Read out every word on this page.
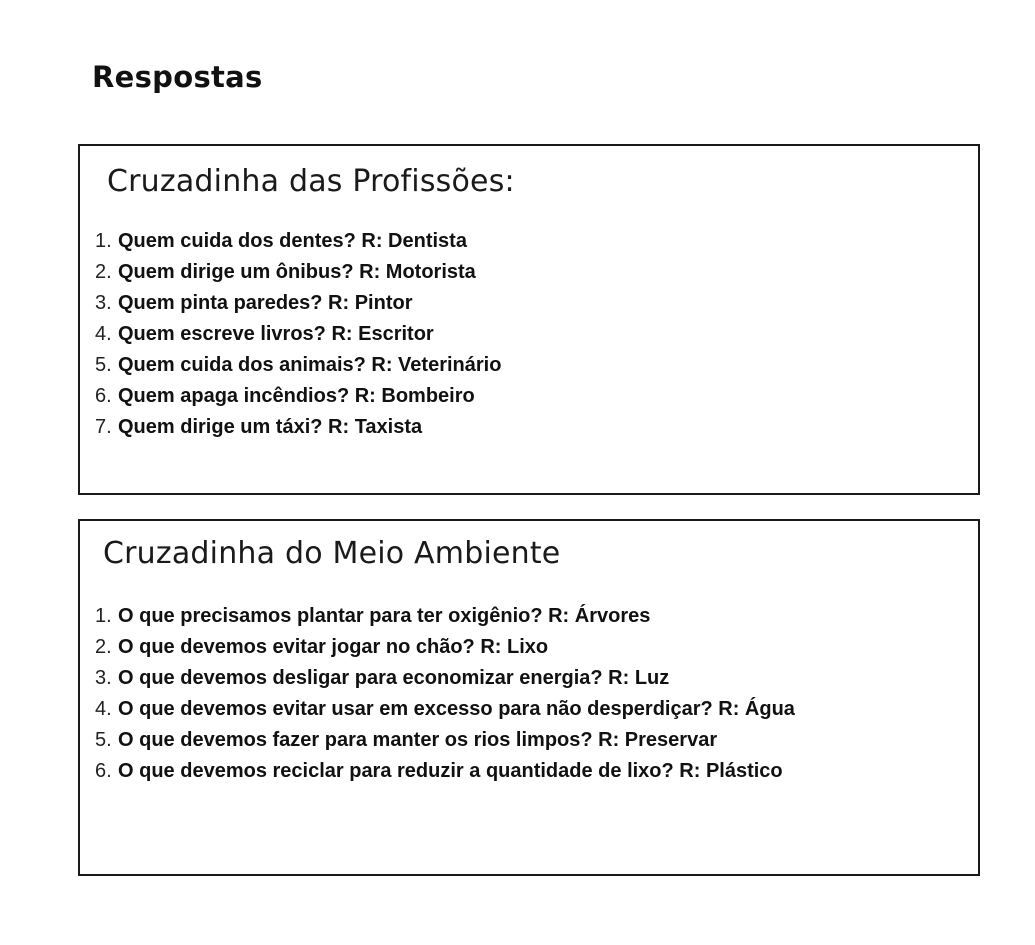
Respostas
Cruzadinha das Profissões:
1. Quem cuida dos dentes? R: Dentista
2. Quem dirige um ônibus? R: Motorista
3. Quem pinta paredes? R: Pintor
4. Quem escreve livros? R: Escritor
5. Quem cuida dos animais? R: Veterinário
6. Quem apaga incêndios? R: Bombeiro
7. Quem dirige um táxi? R: Taxista
Cruzadinha do Meio Ambiente
1. O que precisamos plantar para ter oxigênio? R: Árvores
2. O que devemos evitar jogar no chão? R: Lixo
3. O que devemos desligar para economizar energia? R: Luz
4. O que devemos evitar usar em excesso para não desperdiçar? R: Água
5. O que devemos fazer para manter os rios limpos? R: Preservar
6. O que devemos reciclar para reduzir a quantidade de lixo? R: Plástico
